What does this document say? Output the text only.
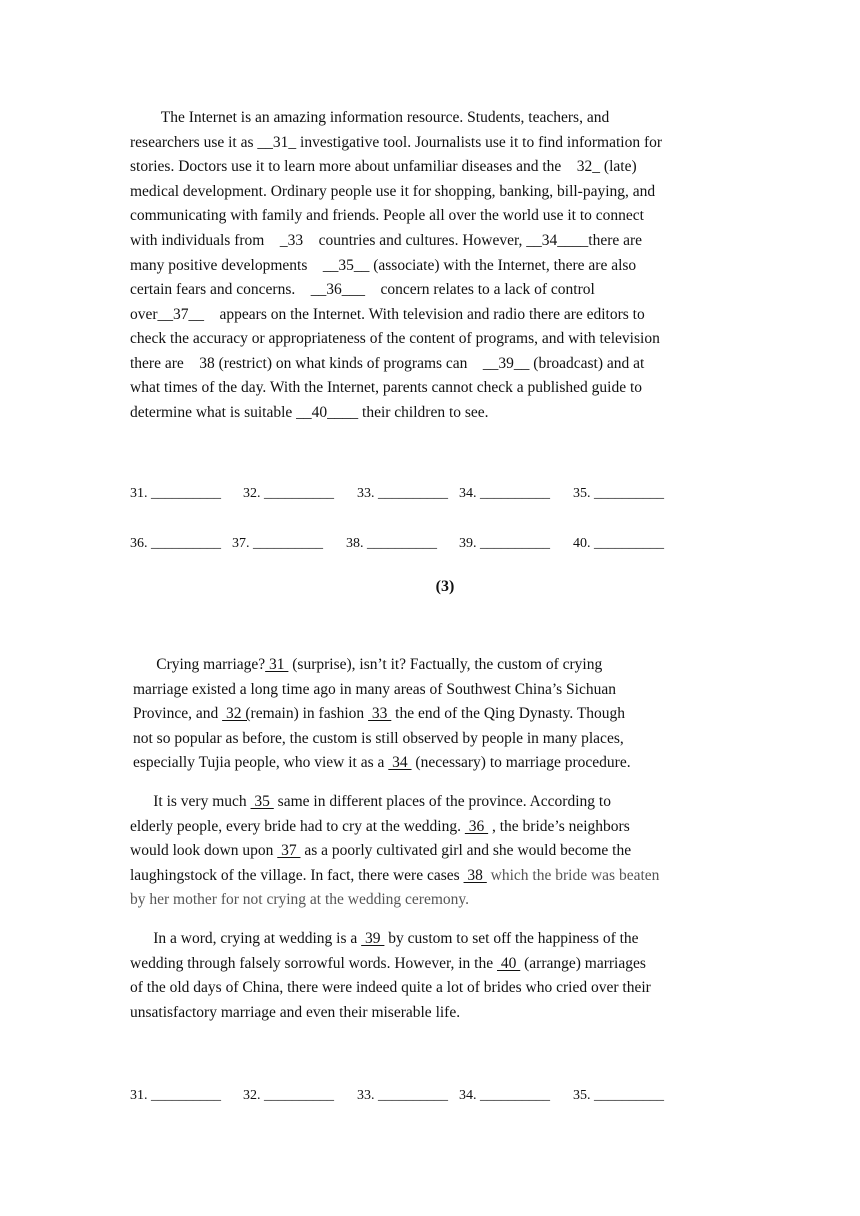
The Internet is an amazing information resource. Students, teachers, and
researchers use it as __31_ investigative tool. Journalists use it to find information for
stories. Doctors use it to learn more about unfamiliar diseases and the    32_ (late)
medical development. Ordinary people use it for shopping, banking, bill-paying, and
communicating with family and friends. People all over the world use it to connect
with individuals from    _33    countries and cultures. However, __34____there are
many positive developments    __35__ (associate) with the Internet, there are also
certain fears and concerns.    __36___    concern relates to a lack of control
over__37__    appears on the Internet. With television and radio there are editors to
check the accuracy or appropriateness of the content of programs, and with television
there are    38 (restrict) on what kinds of programs can    __39__ (broadcast) and at
what times of the day. With the Internet, parents cannot check a published guide to
determine what is suitable __40____ their children to see.
31. __________ 32. __________ 33. __________ 34. __________ 35. __________
36. __________ 37. __________ 38. __________ 39. __________ 40. __________
(3)
Crying marriage? 31  (surprise), isn’t it? Factually, the custom of crying
marriage existed a long time ago in many areas of Southwest China’s Sichuan
Province, and  32 (remain) in fashion  33  the end of the Qing Dynasty. Though
not so popular as before, the custom is still observed by people in many places,
especially Tujia people, who view it as a  34  (necessary) to marriage procedure.
It is very much  35  same in different places of the province. According to
elderly people, every bride had to cry at the wedding.  36  , the bride’s neighbors
would look down upon  37  as a poorly cultivated girl and she would become the
laughingstock of the village. In fact, there were cases  38  which the bride was beaten
by her mother for not crying at the wedding ceremony.
In a word, crying at wedding is a  39  by custom to set off the happiness of the
wedding through falsely sorrowful words. However, in the  40  (arrange) marriages
of the old days of China, there were indeed quite a lot of brides who cried over their
unsatisfactory marriage and even their miserable life.
31. __________ 32. __________ 33. __________ 34. __________ 35. __________
